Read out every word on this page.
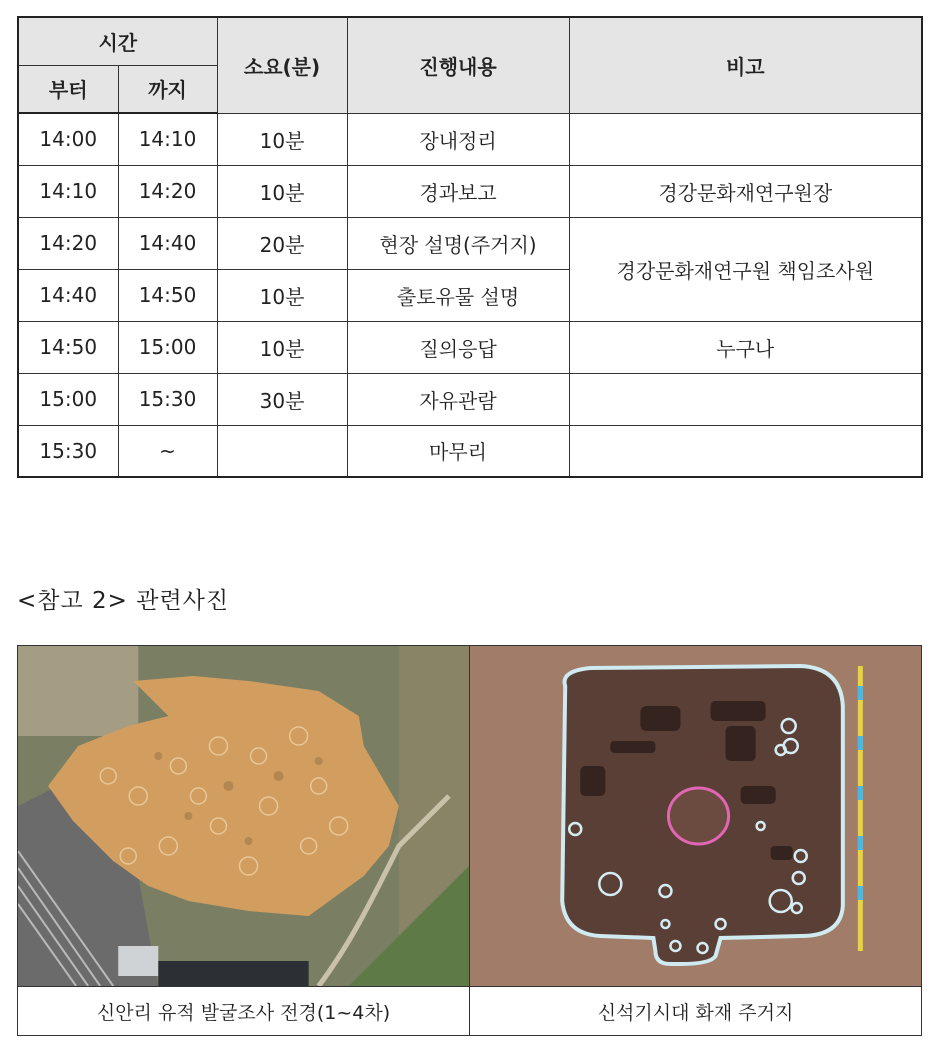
시간		소요(분)	진행내용	비고
부터	까지			
14:00	14:10	10분	장내정리	
14:10	14:20	10분	경과보고	경강문화재연구원장
14:20	14:40	20분	현장 설명(주거지)	경강문화재연구원 책임조사원
14:40	14:50	10분	출토유물 설명	
14:50	15:00	10분	질의응답	누구나
15:00	15:30	30분	자유관람	
15:30	~		마무리	
<참고 2> 관련사진

신안리 유적 발굴조사 전경(1~4차)	신석기시대 화재 주거지
